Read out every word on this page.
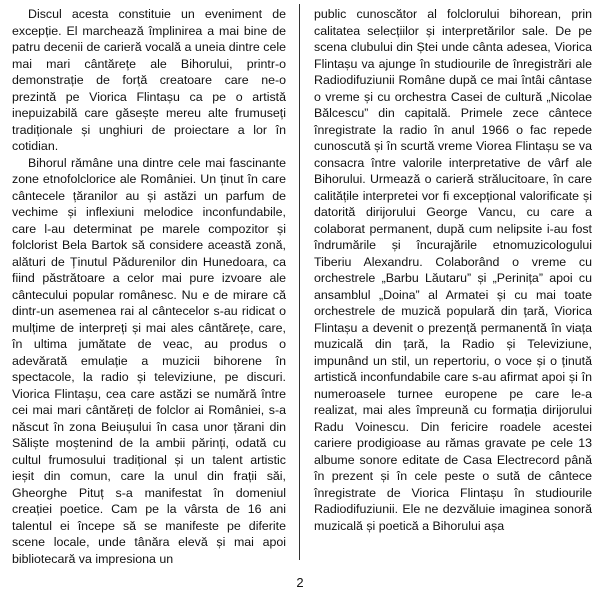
Discul acesta constituie un eveniment de excepție. El marchează împlinirea a mai bine de patru decenii de carieră vocală a uneia dintre cele mai mari cântărețe ale Bihorului, printr-o demonstrație de forță creatoare care ne-o prezintă pe Viorica Flintașu ca pe o artistă inepuizabilă care găsește mereu alte frumuseți tradiționale și unghiuri de proiectare a lor în cotidian.

Bihorul rămâne una dintre cele mai fascinante zone etnofolclorice ale României. Un ținut în care cântecele țăranilor au și astăzi un parfum de vechime și inflexiuni melodice inconfundabile, care l-au determinat pe marele compozitor și folclorist Bela Bartok să considere această zonă, alături de Ținutul Pădurenilor din Hunedoara, ca fiind păstrătoare a celor mai pure izvoare ale cântecului popular românesc. Nu e de mirare că dintr-un asemenea rai al cântecelor s-au ridicat o mulțime de interpreți și mai ales cântărețe, care, în ultima jumătate de veac, au produs o adevărată emulație a muzicii bihorene în spectacole, la radio și televiziune, pe discuri. Viorica Flintașu, cea care astăzi se numără între cei mai mari cântăreți de folclor ai României, s-a născut în zona Beiușului în casa unor țărani din Săliște moștenind de la ambii părinți, odată cu cultul frumosului tradițional și un talent artistic ieșit din comun, care la unul din frații săi, Gheorghe Pituț s-a manifestat în domeniul creației poetice. Cam pe la vârsta de 16 ani talentul ei începe să se manifeste pe diferite scene locale, unde tânăra elevă și mai apoi bibliotecară va impresiona un

public cunoscător al folclorului bihorean, prin calitatea selecțiilor și interpretărilor sale. De pe scena clubului din Ștei unde cânta adesea, Viorica Flintașu va ajunge în studiourile de înregistrări ale Radiodifuziunii Române după ce mai întâi cântase o vreme și cu orchestra Casei de cultură „Nicolae Bălcescu” din capitală. Primele zece cântece înregistrate la radio în anul 1966 o fac repede cunoscută și în scurtă vreme Viorea Flintașu se va consacra între valorile interpretative de vârf ale Bihorului. Urmează o carieră strălucitoare, în care calitățile interpretei vor fi excepțional valorificate și datorită dirijorului George Vancu, cu care a colaborat permanent, după cum nelipsite i-au fost îndrumările și încurajările etnomuzicologului Tiberiu Alexandru. Colaborând o vreme cu orchestrele „Barbu Lăutaru” și „Perinița” apoi cu ansamblul „Doina” al Armatei și cu mai toate orchestrele de muzică populară din țară, Viorica Flintașu a devenit o prezență permanentă în viața muzicală din țară, la Radio și Televiziune, impunând un stil, un repertoriu, o voce și o ținută artistică inconfundabile care s-au afirmat apoi și în numeroasele turnee europene pe care le-a realizat, mai ales împreună cu formația dirijorului Radu Voinescu. Din fericire roadele acestei cariere prodigioase au rămas gravate pe cele 13 albume sonore editate de Casa Electrecord până în prezent și în cele peste o sută de cântece înregistrate de Viorica Flintașu în studiourile Radiodifuziunii. Ele ne dezvăluie imaginea sonoră muzicală și poetică a Bihorului așa

2
